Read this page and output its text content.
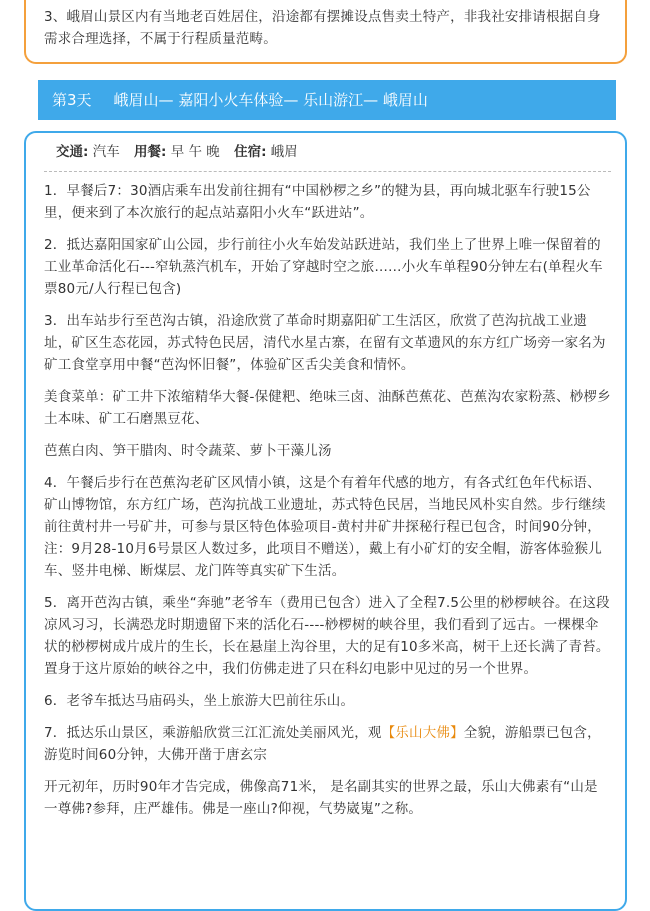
3、峨眉山景区内有当地老百姓居住，沿途都有摆摊设点售卖土特产，非我社安排请根据自身需求合理选择，不属于行程质量范畴。

第3天 峨眉山— 嘉阳小火车体验— 乐山游江— 峨眉山
交通: 汽车 用餐: 早 午 晚 住宿: 峨眉

1．早餐后7：30酒店乘车出发前往拥有“中国桫椤之乡”的犍为县，再向城北驱车行驶15公里，便来到了本次旅行的起点站嘉阳小火车“跃进站”。

2．抵达嘉阳国家矿山公园，步行前往小火车始发站跃进站，我们坐上了世界上唯一保留着的工业革命活化石---窄轨蒸汽机车，开始了穿越时空之旅……小火车单程90分钟左右(单程火车票80元/人行程已包含)

3．出车站步行至芭沟古镇，沿途欣赏了革命时期嘉阳矿工生活区，欣赏了芭沟抗战工业遗址，矿区生态花园，苏式特色民居，清代水星古寨，在留有文革遗风的东方红广场旁一家名为矿工食堂享用中餐“芭沟怀旧餐”，体验矿区舌尖美食和情怀。

美食菜单：矿工井下浓缩精华大餐-保健粑、绝味三卤、油酥芭蕉花、芭蕉沟农家粉蒸、桫椤乡土本味、矿工石磨黑豆花、

芭蕉白肉、笋干腊肉、时令蔬菜、萝卜干藻儿汤

4．午餐后步行在芭蕉沟老矿区风情小镇，这是个有着年代感的地方，有各式红色年代标语、矿山博物馆，东方红广场，芭沟抗战工业遗址，苏式特色民居，当地民风朴实自然。步行继续前往黄村井一号矿井，可参与景区特色体验项目-黄村井矿井探秘行程已包含，时间90分钟，注：9月28-10月6号景区人数过多，此项目不赠送），戴上有小矿灯的安全帽，游客体验猴儿车、竖井电梯、断煤层、龙门阵等真实矿下生活。

5．离开芭沟古镇，乘坐“奔驰”老爷车（费用已包含）进入了全程7.5公里的桫椤峡谷。在这段凉风习习，长满恐龙时期遗留下来的活化石----桫椤树的峡谷里，我们看到了远古。一棵棵伞状的桫椤树成片成片的生长，长在悬崖上沟谷里，大的足有10多米高，树干上还长满了青苔。置身于这片原始的峡谷之中，我们仿佛走进了只在科幻电影中见过的另一个世界。

6．老爷车抵达马庙码头，坐上旅游大巴前往乐山。

7．抵达乐山景区，乘游船欣赏三江汇流处美丽风光，观【乐山大佛】全貌，游船票已包含，游览时间60分钟，大佛开凿于唐玄宗

开元初年，历时90年才告完成，佛像高71米， 是名副其实的世界之最，乐山大佛素有“山是一尊佛?参拜，庄严雄伟。佛是一座山?仰视，气势崴嵬”之称。
